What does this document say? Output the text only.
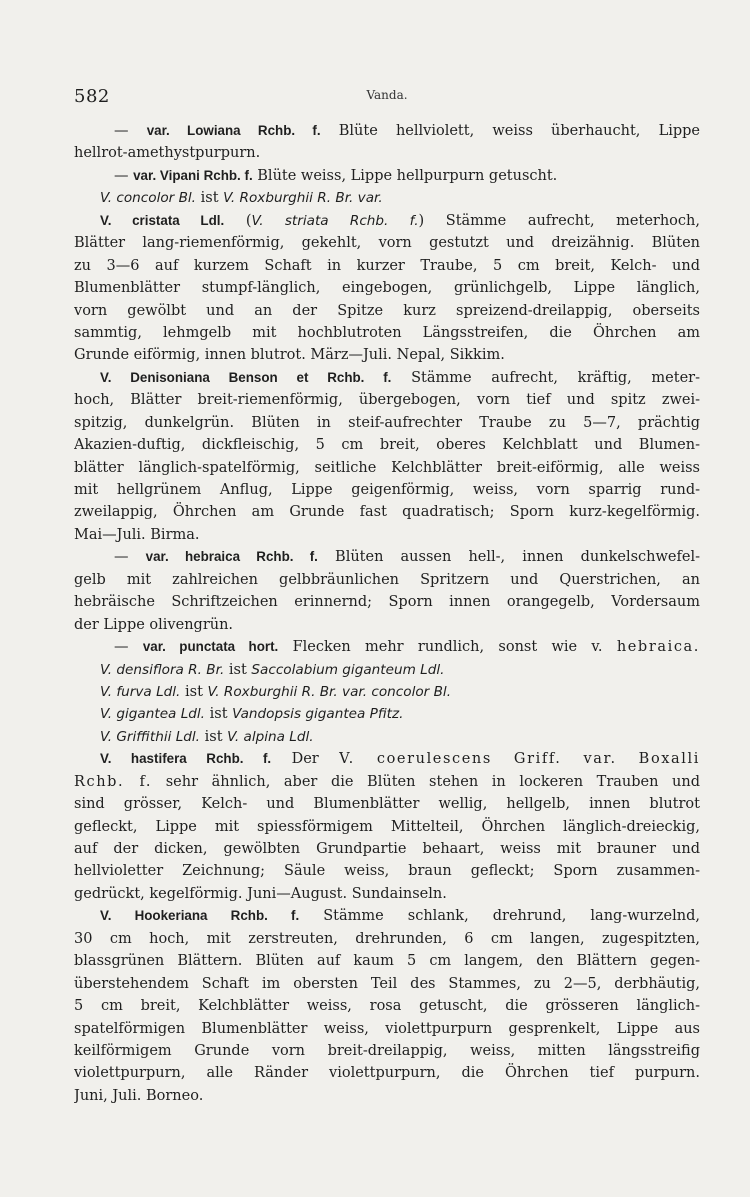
582	Vanda.
— var. Lowiana Rchb. f. Blüte hellviolett, weiss überhaucht, Lippe
hellrot-amethystpurpurn.
— var. Vipani Rchb. f. Blüte weiss, Lippe hellpurpurn getuscht.
V. concolor Bl. ist V. Roxburghii R. Br. var.
V. cristata Ldl. (V. striata Rchb. f.) Stämme aufrecht, meterhoch,
Blätter lang-riemenförmig, gekehlt, vorn gestutzt und dreizähnig. Blüten
zu 3—6 auf kurzem Schaft in kurzer Traube, 5 cm breit, Kelch- und
Blumenblätter stumpf-länglich, eingebogen, grünlichgelb, Lippe länglich,
vorn gewölbt und an der Spitze kurz spreizend-dreilappig, oberseits
sammtig, lehmgelb mit hochblutroten Längsstreifen, die Öhrchen am
Grunde eiförmig, innen blutrot. März—Juli. Nepal, Sikkim.
V. Denisoniana Benson et Rchb. f. Stämme aufrecht, kräftig, meter-
hoch, Blätter breit-riemenförmig, übergebogen, vorn tief und spitz zwei-
spitzig, dunkelgrün. Blüten in steif-aufrechter Traube zu 5—7, prächtig
Akazien-duftig, dickfleischig, 5 cm breit, oberes Kelchblatt und Blumen-
blätter länglich-spatelförmig, seitliche Kelchblätter breit-eiförmig, alle weiss
mit hellgrünem Anflug, Lippe geigenförmig, weiss, vorn sparrig rund-
zweilappig, Öhrchen am Grunde fast quadratisch; Sporn kurz-kegelförmig.
Mai—Juli. Birma.
— var. hebraica Rchb. f. Blüten aussen hell-, innen dunkelschwefel-
gelb mit zahlreichen gelbbräunlichen Spritzern und Querstrichen, an
hebräische Schriftzeichen erinnernd; Sporn innen orangegelb, Vordersaum
der Lippe olivengrün.
— var. punctata hort. Flecken mehr rundlich, sonst wie v. hebraica.
V. densiflora R. Br. ist Saccolabium giganteum Ldl.
V. furva Ldl. ist V. Roxburghii R. Br. var. concolor Bl.
V. gigantea Ldl. ist Vandopsis gigantea Pfitz.
V. Griffithii Ldl. ist V. alpina Ldl.
V. hastifera Rchb. f. Der V. coerulescens Griff. var. Boxalli
Rchb. f. sehr ähnlich, aber die Blüten stehen in lockeren Trauben und
sind grösser, Kelch- und Blumenblätter wellig, hellgelb, innen blutrot
gefleckt, Lippe mit spiessförmigem Mittelteil, Öhrchen länglich-dreieckig,
auf der dicken, gewölbten Grundpartie behaart, weiss mit brauner und
hellvioletter Zeichnung; Säule weiss, braun gefleckt; Sporn zusammen-
gedrückt, kegelförmig. Juni—August. Sundainseln.
V. Hookeriana Rchb. f. Stämme schlank, drehrund, lang-wurzelnd,
30 cm hoch, mit zerstreuten, drehrunden, 6 cm langen, zugespitzten,
blassgrünen Blättern. Blüten auf kaum 5 cm langem, den Blättern gegen-
überstehendem Schaft im obersten Teil des Stammes, zu 2—5, derbhäutig,
5 cm breit, Kelchblätter weiss, rosa getuscht, die grösseren länglich-
spatelförmigen Blumenblätter weiss, violettpurpurn gesprenkelt, Lippe aus
keilförmigem Grunde vorn breit-dreilappig, weiss, mitten längsstreifig
violettpurpurn, alle Ränder violettpurpurn, die Öhrchen tief purpurn.
Juni, Juli. Borneo.
